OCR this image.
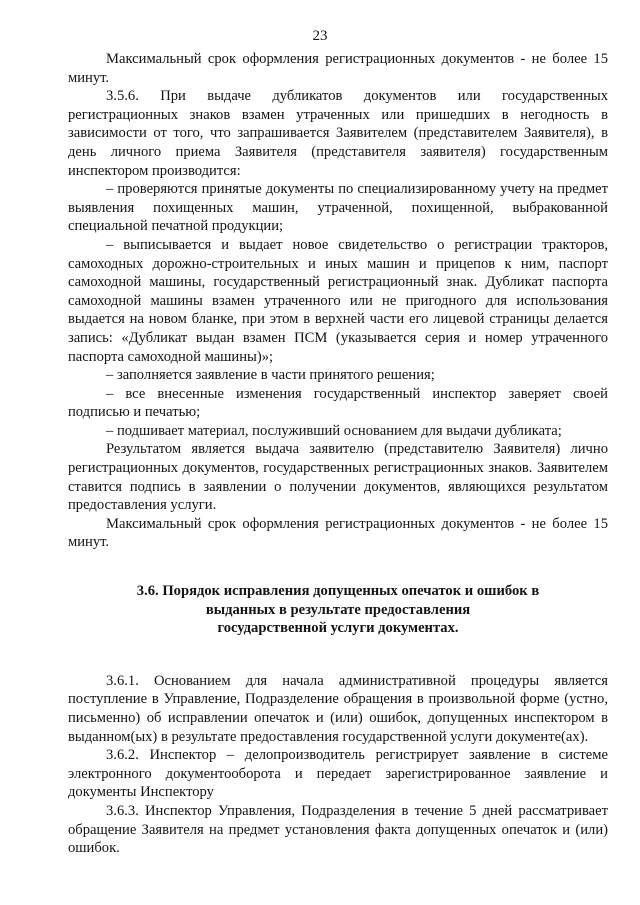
23

Максимальный срок оформления регистрационных документов - не более 15 минут.

3.5.6. При выдаче дубликатов документов или государственных регистрационных знаков взамен утраченных или пришедших в негодность в зависимости от того, что запрашивается Заявителем (представителем Заявителя), в день личного приема Заявителя (представителя заявителя) государственным инспектором производится:

– проверяются принятые документы по специализированному учету на предмет выявления похищенных машин, утраченной, похищенной, выбракованной специальной печатной продукции;

– выписывается и выдает новое свидетельство о регистрации тракторов, самоходных дорожно-строительных и иных машин и прицепов к ним, паспорт самоходной машины, государственный регистрационный знак. Дубликат паспорта самоходной машины взамен утраченного или не пригодного для использования выдается на новом бланке, при этом в верхней части его лицевой страницы делается запись: «Дубликат выдан взамен ПСМ (указывается серия и номер утраченного паспорта самоходной машины)»;

– заполняется заявление в части принятого решения;

– все внесенные изменения государственный инспектор заверяет своей подписью и печатью;

– подшивает материал, послуживший основанием для выдачи дубликата;

Результатом является выдача заявителю (представителю Заявителя) лично регистрационных документов, государственных регистрационных знаков. Заявителем ставится подпись в заявлении о получении документов, являющихся результатом предоставления услуги.

Максимальный срок оформления регистрационных документов - не более 15 минут.

3.6. Порядок исправления допущенных опечаток и ошибок в

выданных в результате предоставления

государственной услуги документах.

3.6.1. Основанием для начала административной процедуры является поступление в Управление, Подразделение обращения в произвольной форме (устно, письменно) об исправлении опечаток и (или) ошибок, допущенных инспектором в выданном(ых) в результате предоставления государственной услуги документе(ах).

3.6.2. Инспектор – делопроизводитель регистрирует заявление в системе электронного документооборота и передает зарегистрированное заявление и документы Инспектору

3.6.3. Инспектор Управления, Подразделения в течение 5 дней рассматривает обращение Заявителя на предмет установления факта допущенных опечаток и (или) ошибок.
